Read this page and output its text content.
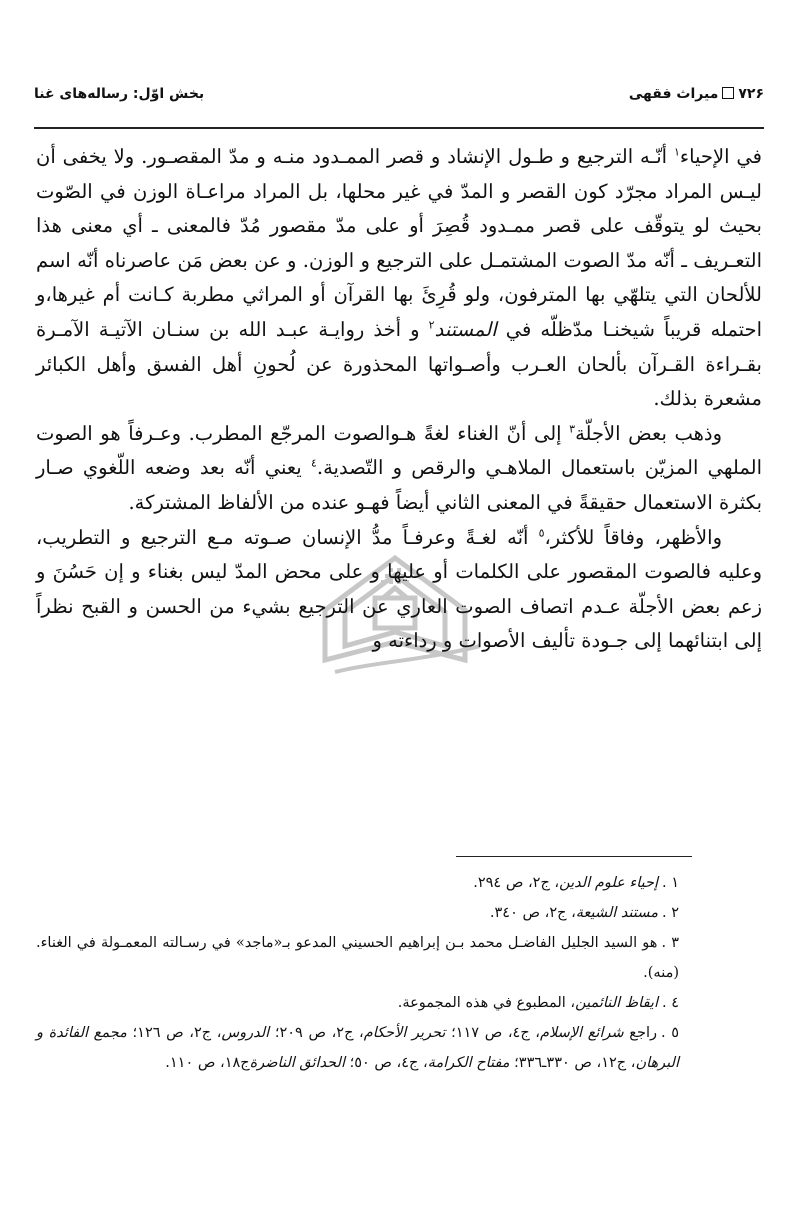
۷۲۶میراث فقهی
بخش اوّل: رساله‌های غنا

في الإحياء$^١$ أنّـه الترجيع و طـول الإنشاد و قصر الممـدود منـه و مدّ المقصـور. ولا يخفى أن ليـس المراد مجرّد كون القصر و المدّ في غير محلها، بل المراد مراعـاة الوزن في الصّوت بحيث لو يتوقّف على قصر ممـدود قُصِرَ أو على مدّ مقصور مُدّ فالمعنى ـ أي معنى هذا التعـريف ـ أنّه مدّ الصوت المشتمـل على الترجيع و الوزن. و عن بعض مَن عاصرناه أنّه اسم للألحان التي يتلهّي بها المترفون، ولو قُرِئَ بها القرآن أو المراثي مطربة كـانت أم غيرها،و احتمله قريباً شيخنـا مدّظلّه في المستند$^٢$ و أخذ روايـة عبـد الله بن سنـان الآتيـة الآمـرة بقـراءة القـرآن بألحان العـرب وأصـواتها المحذورة عن لُحونِ أهل الفسق وأهل الكبائر مشعرة بذلك.

وذهب بعض الأجلّة$^٣$ إلى أنّ الغناء لغةً هـوالصوت المرجّع المطرب. وعـرفاً هو الصوت الملهي المزيّن باستعمال الملاهـي والرقص و التّصدية.$^٤$ يعني أنّه بعد وضعه اللّغوي صـار بكثرة الاستعمال حقيقةً في المعنى الثاني أيضاً فهـو عنده من الألفاظ المشتركة.

والأظهر، وفاقاً للأكثر،$^٥$ أنّه لغـةً وعرفـاً مدُّ الإنسان صـوته مـع الترجيع و التطريب، وعليه فالصوت المقصور على الكلمات أو عليها و على محض المدّ ليس بغناء و إن حَسُنَ و زعم بعض الأجلّة عـدم اتصاف الصوت العاري عن الترجيع بشيء من الحسن و القبح نظراً إلى ابتنائهما إلى جـودة تأليف الأصوات و رداءته و

١ .إحياء علوم الدين، ج٢، ص ٢٩٤.

٢ .مستند الشيعة، ج٢، ص ٣٤٠.

٣ .هو السيد الجليل الفاضـل محمد بـن إبراهيم الحسيني المدعو بـ«ماجد» في رسـالته المعمـولة في الغناء.(منه).

٤ .ايقاظ النائمين، المطبوع في هذه المجموعة.

٥ .راجع شرائع الإسلام، ج٤، ص ١١٧؛ تحرير الأحكام، ج٢، ص ٢٠٩؛ الدروس، ج٢، ص ١٢٦؛ مجمع الفائدة و البرهان، ج١٢، ص ٣٣٠ـ٣٣٦؛ مفتاح الكرامة، ج٤، ص ٥٠؛ الحدائق الناضرةج١٨، ص ١١٠.
